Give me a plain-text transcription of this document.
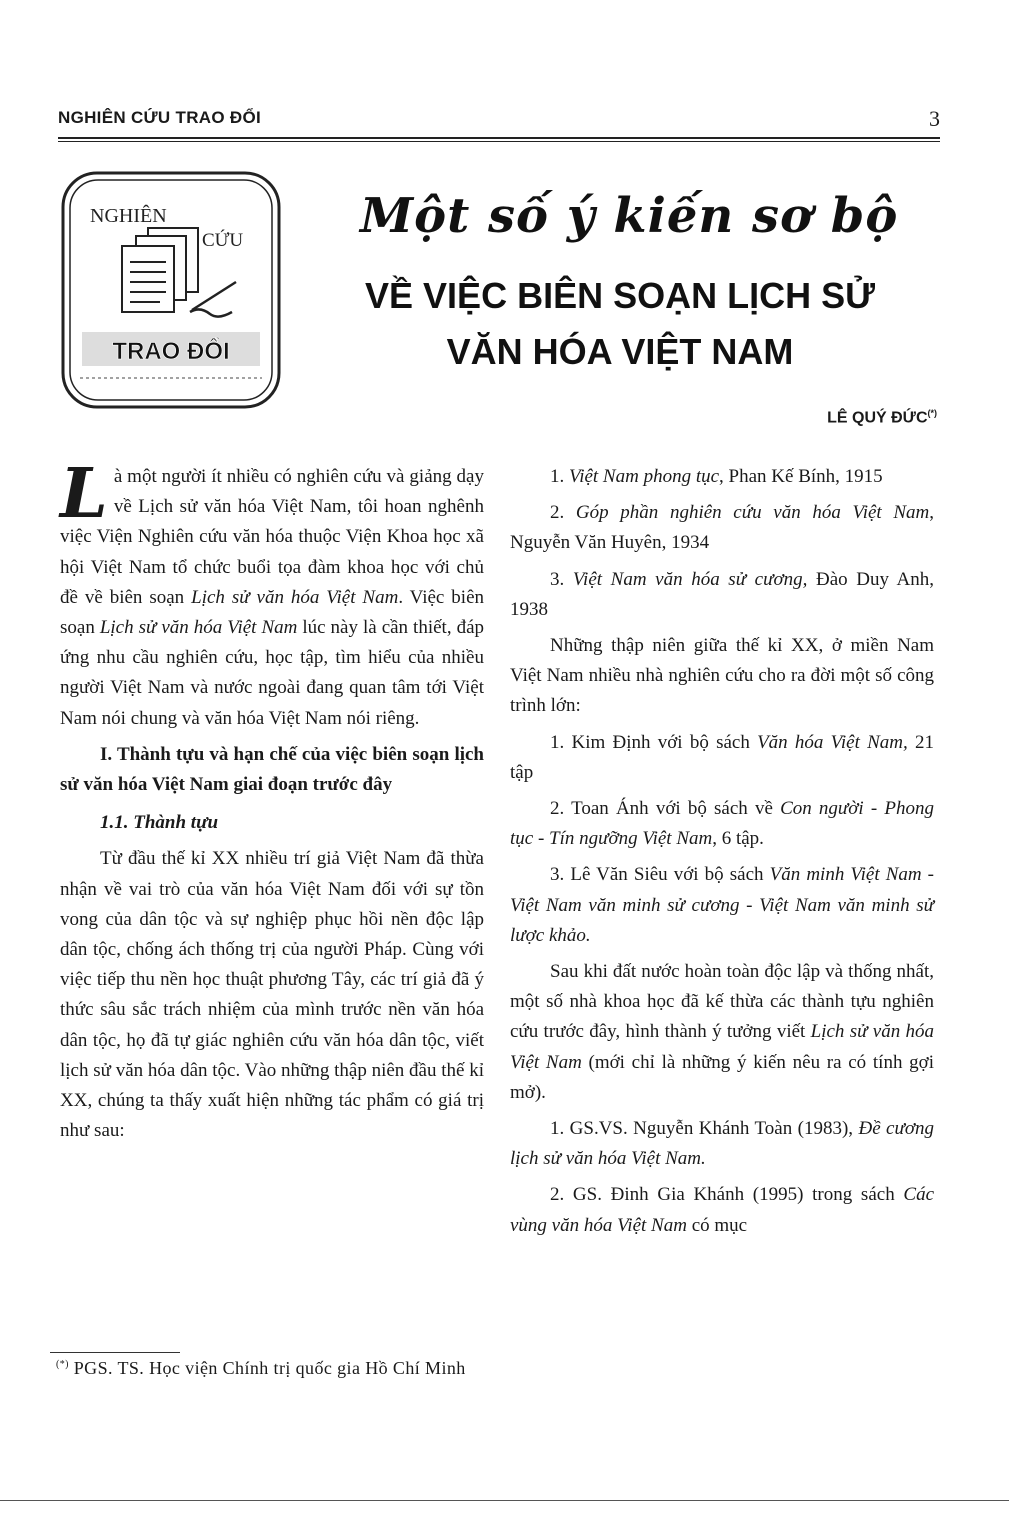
NGHIÊN CỨU TRAO ĐỔI	3
NGHIÊN
CỨU
TRAO ĐỔI
Một số ý kiến sơ bộ
VỀ VIỆC BIÊN SOẠN LỊCH SỬ
VĂN HÓA VIỆT NAM
LÊ QUÝ ĐỨC(*)

Là một người ít nhiều có nghiên cứu và giảng dạy về Lịch sử văn hóa Việt Nam, tôi hoan nghênh việc Viện Nghiên cứu văn hóa thuộc Viện Khoa học xã hội Việt Nam tổ chức buổi tọa đàm khoa học với chủ đề về biên soạn Lịch sử văn hóa Việt Nam. Việc biên soạn Lịch sử văn hóa Việt Nam lúc này là cần thiết, đáp ứng nhu cầu nghiên cứu, học tập, tìm hiểu của nhiều người Việt Nam và nước ngoài đang quan tâm tới Việt Nam nói chung và văn hóa Việt Nam nói riêng.

I. Thành tựu và hạn chế của việc biên soạn lịch sử văn hóa Việt Nam giai đoạn trước đây
1.1. Thành tựu

Từ đầu thế kỉ XX nhiều trí giả Việt Nam đã thừa nhận về vai trò của văn hóa Việt Nam đối với sự tồn vong của dân tộc và sự nghiệp phục hồi nền độc lập dân tộc, chống ách thống trị của người Pháp. Cùng với việc tiếp thu nền học thuật phương Tây, các trí giả đã ý thức sâu sắc trách nhiệm của mình trước nền văn hóa dân tộc, họ đã tự giác nghiên cứu văn hóa dân tộc, viết lịch sử văn hóa dân tộc. Vào những thập niên đầu thế kỉ XX, chúng ta thấy xuất hiện những tác phẩm có giá trị như sau:

1. Việt Nam phong tục, Phan Kế Bính, 1915

2. Góp phần nghiên cứu văn hóa Việt Nam, Nguyễn Văn Huyên, 1934

3. Việt Nam văn hóa sử cương, Đào Duy Anh, 1938

Những thập niên giữa thế kỉ XX, ở miền Nam Việt Nam nhiều nhà nghiên cứu cho ra đời một số công trình lớn:

1. Kim Định với bộ sách Văn hóa Việt Nam, 21 tập

2. Toan Ánh với bộ sách về Con người - Phong tục - Tín ngưỡng Việt Nam, 6 tập.

3. Lê Văn Siêu với bộ sách Văn minh Việt Nam - Việt Nam văn minh sử cương - Việt Nam văn minh sử lược khảo.

Sau khi đất nước hoàn toàn độc lập và thống nhất, một số nhà khoa học đã kế thừa các thành tựu nghiên cứu trước đây, hình thành ý tưởng viết Lịch sử văn hóa Việt Nam (mới chỉ là những ý kiến nêu ra có tính gợi mở).

1. GS.VS. Nguyễn Khánh Toàn (1983), Đề cương lịch sử văn hóa Việt Nam.

2. GS. Đinh Gia Khánh (1995) trong sách Các vùng văn hóa Việt Nam có mục

(*) PGS. TS. Học viện Chính trị quốc gia Hồ Chí Minh
